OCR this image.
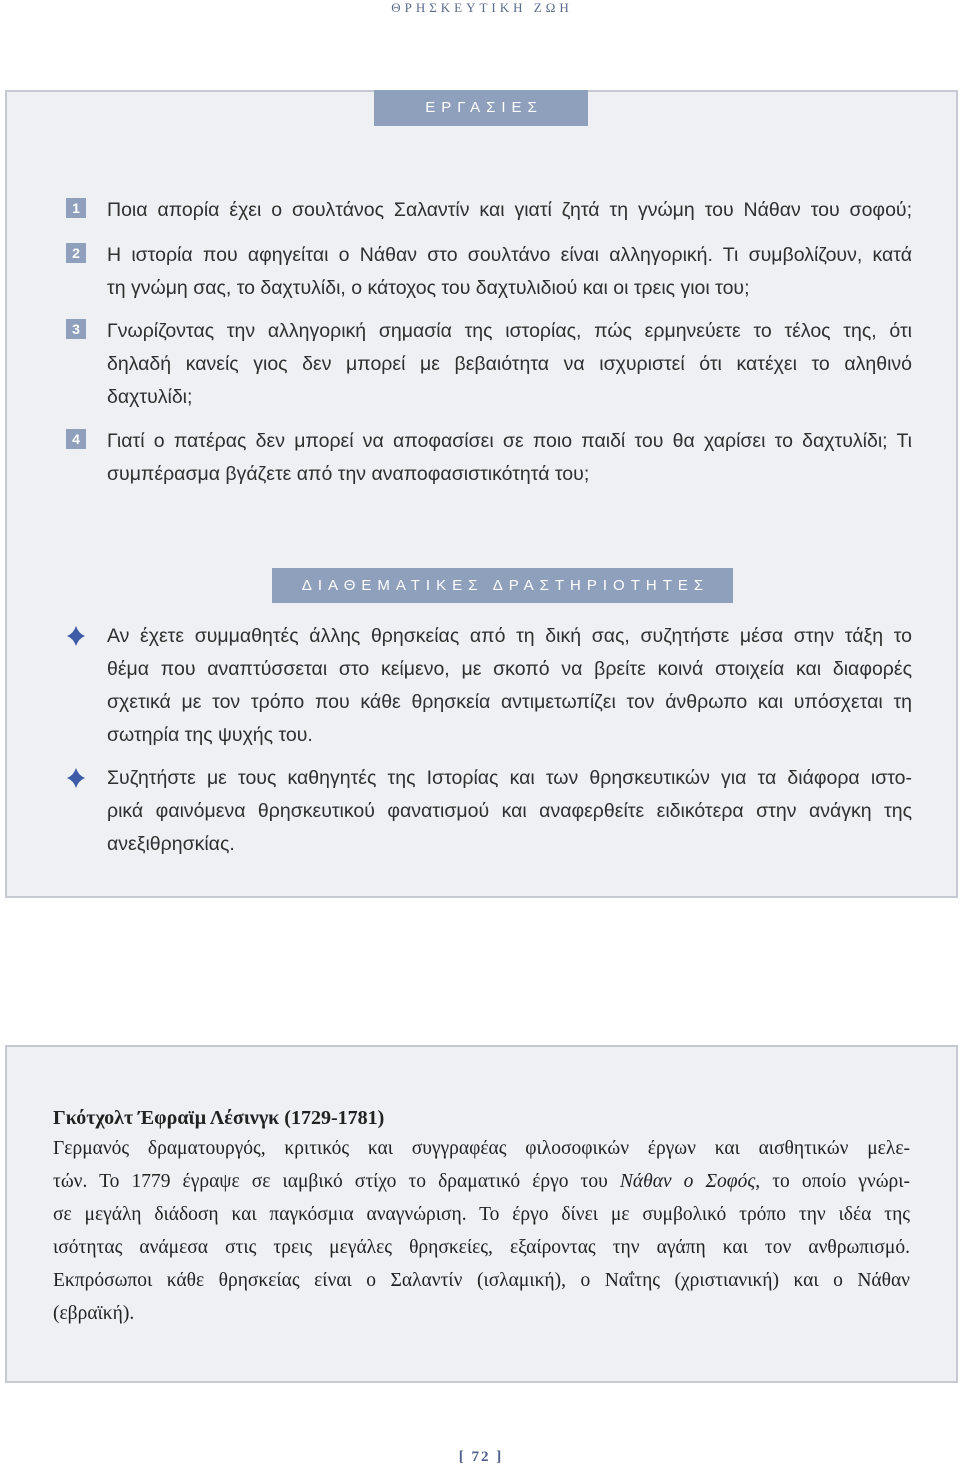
ΘΡΗΣΚΕΥΤΙΚΗ ΖΩΗ
ΕΡΓΑΣΙΕΣ
1	Ποια απορία έχει ο σουλτάνος Σαλαντίν και γιατί ζητά τη γνώμη του Νάθαν του σοφού;
2	Η ιστορία που αφηγείται ο Νάθαν στο σουλτάνο είναι αλληγορική. Τι συμβολίζουν, κατά
τη γνώμη σας, το δαχτυλίδι, ο κάτοχος του δαχτυλιδιού και οι τρεις γιοι του;
3	Γνωρίζοντας την αλληγορική σημασία της ιστορίας, πώς ερμηνεύετε το τέλος της, ότι
δηλαδή κανείς γιος δεν μπορεί με βεβαιότητα να ισχυριστεί ότι κατέχει το αληθινό
δαχτυλίδι;
4	Γιατί ο πατέρας δεν μπορεί να αποφασίσει σε ποιο παιδί του θα χαρίσει το δαχτυλίδι; Τι
συμπέρασμα βγάζετε από την αναποφασιστικότητά του;
ΔΙΑΘΕΜΑΤΙΚΕΣ ΔΡΑΣΤΗΡΙΟΤΗΤΕΣ
Αν έχετε συμμαθητές άλλης θρησκείας από τη δική σας, συζητήστε μέσα στην τάξη το
θέμα που αναπτύσσεται στο κείμενο, με σκοπό να βρείτε κοινά στοιχεία και διαφορές
σχετικά με τον τρόπο που κάθε θρησκεία αντιμετωπίζει τον άνθρωπο και υπόσχεται τη
σωτηρία της ψυχής του.
Συζητήστε με τους καθηγητές της Ιστορίας και των θρησκευτικών για τα διάφορα ιστο-
ρικά φαινόμενα θρησκευτικού φανατισμού και αναφερθείτε ειδικότερα στην ανάγκη της
ανεξιθρησκίας.
Γκότχολτ Έφραϊμ Λέσινγκ (1729-1781)
Γερμανός δραματουργός, κριτικός και συγγραφέας φιλοσοφικών έργων και αισθητικών μελε-
τών. Το 1779 έγραψε σε ιαμβικό στίχο το δραματικό έργο του Νάθαν ο Σοφός, το οποίο γνώρι-
σε μεγάλη διάδοση και παγκόσμια αναγνώριση. Το έργο δίνει με συμβολικό τρόπο την ιδέα της
ισότητας ανάμεσα στις τρεις μεγάλες θρησκείες, εξαίροντας την αγάπη και τον ανθρωπισμό.
Εκπρόσωποι κάθε θρησκείας είναι ο Σαλαντίν (ισλαμική), ο Ναΐτης (χριστιανική) και ο Νάθαν
(εβραϊκή).
[ 72 ]
